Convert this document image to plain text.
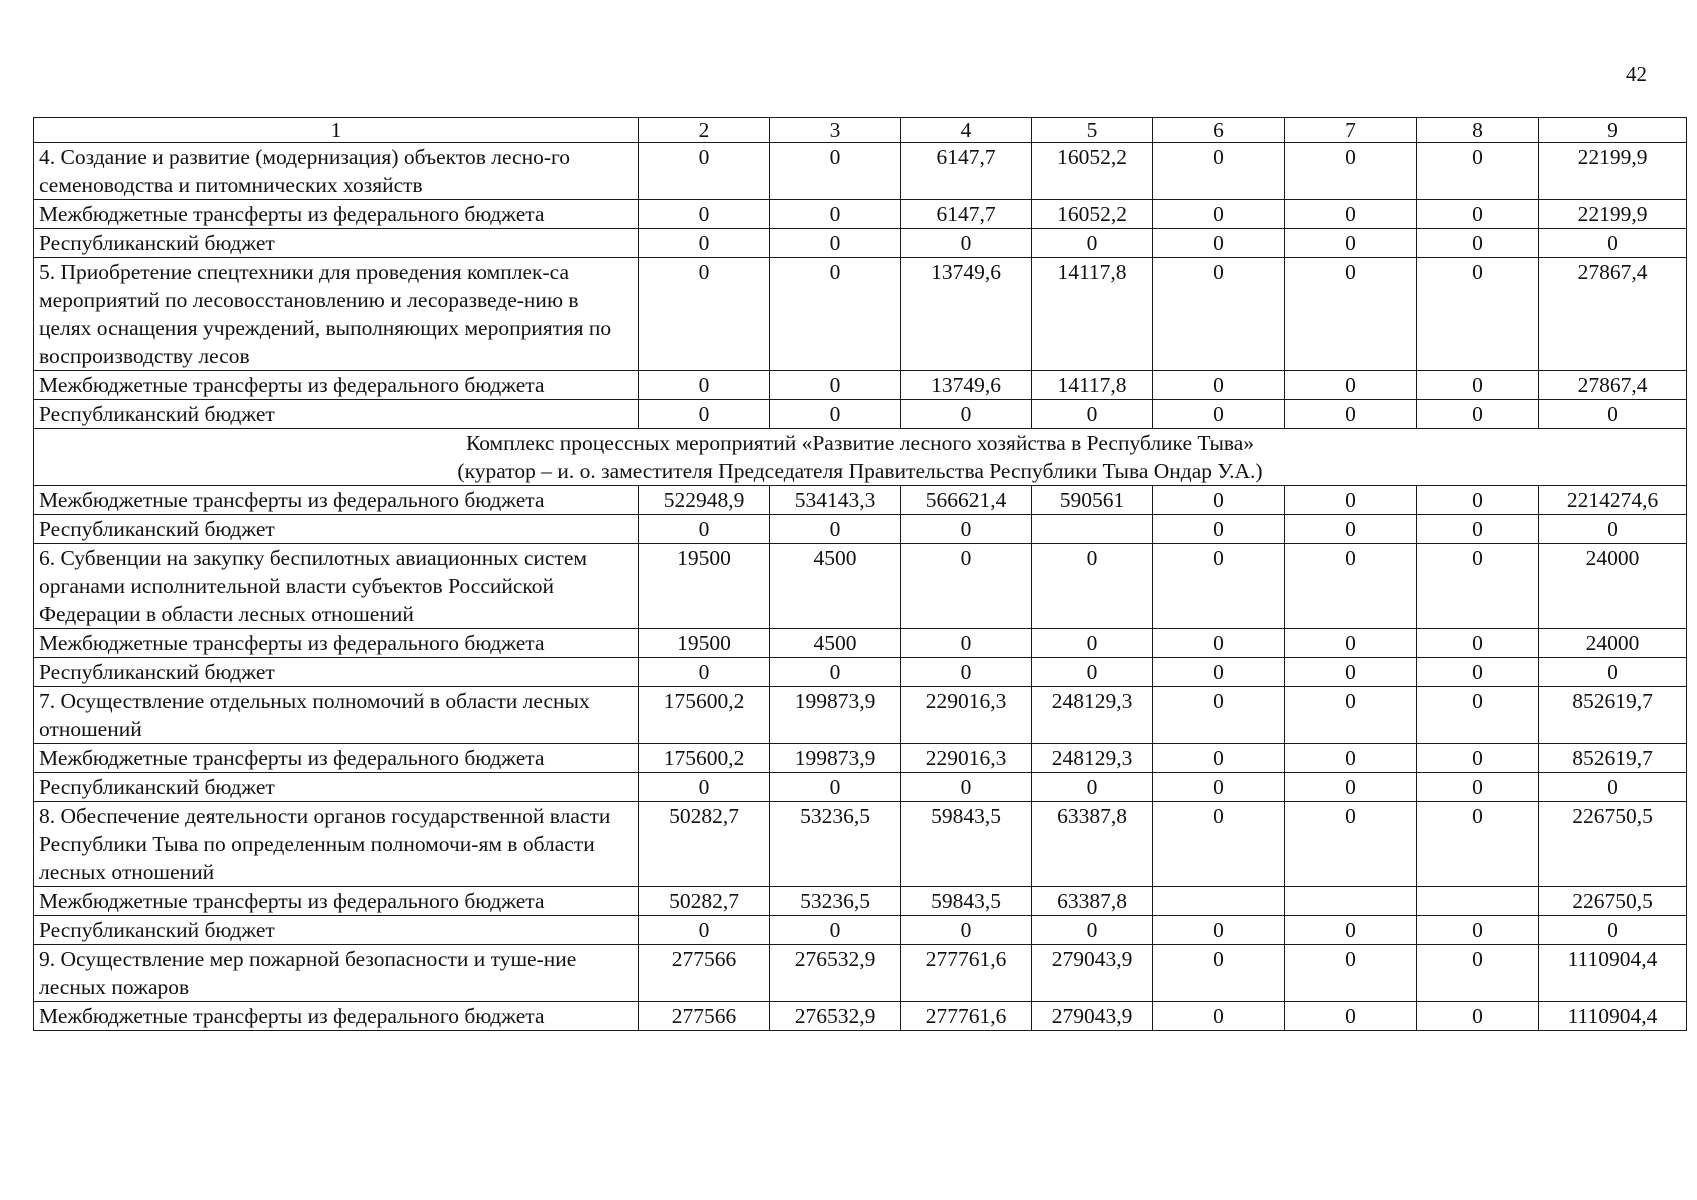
42
1	2	3	4	5	6	7	8	9
4. Создание и развитие (модернизация) объектов лесно-го семеноводства и питомнических хозяйств	0	0	6147,7	16052,2	0	0	0	22199,9
Межбюджетные трансферты из федерального бюджета	0	0	6147,7	16052,2	0	0	0	22199,9
Республиканский бюджет	0	0	0	0	0	0	0	0
5. Приобретение спецтехники для проведения комплек-са мероприятий по лесовосстановлению и лесоразведе-нию в целях оснащения учреждений, выполняющих мероприятия по воспроизводству лесов	0	0	13749,6	14117,8	0	0	0	27867,4
Межбюджетные трансферты из федерального бюджета	0	0	13749,6	14117,8	0	0	0	27867,4
Республиканский бюджет	0	0	0	0	0	0	0	0

Комплекс процессных мероприятий «Развитие лесного хозяйства в Республике Тыва»
(куратор – и. о. заместителя Председателя Правительства Республики Тыва Ондар У.А.)								

Межбюджетные трансферты из федерального бюджета	522948,9	534143,3	566621,4	590561	0	0	0	2214274,6
Республиканский бюджет	0	0	0		0	0	0	0
6. Субвенции на закупку беспилотных авиационных систем органами исполнительной власти субъектов Российской Федерации в области лесных отношений	19500	4500	0	0	0	0	0	24000
Межбюджетные трансферты из федерального бюджета	19500	4500	0	0	0	0	0	24000
Республиканский бюджет	0	0	0	0	0	0	0	0
7. Осуществление отдельных полномочий в области лесных отношений	175600,2	199873,9	229016,3	248129,3	0	0	0	852619,7
Межбюджетные трансферты из федерального бюджета	175600,2	199873,9	229016,3	248129,3	0	0	0	852619,7
Республиканский бюджет	0	0	0	0	0	0	0	0
8. Обеспечение деятельности органов государственной власти Республики Тыва по определенным полномочи-ям в области лесных отношений	50282,7	53236,5	59843,5	63387,8	0	0	0	226750,5
Межбюджетные трансферты из федерального бюджета	50282,7	53236,5	59843,5	63387,8				226750,5
Республиканский бюджет	0	0	0	0	0	0	0	0
9. Осуществление мер пожарной безопасности и туше-ние лесных пожаров	277566	276532,9	277761,6	279043,9	0	0	0	1110904,4
Межбюджетные трансферты из федерального бюджета	277566	276532,9	277761,6	279043,9	0	0	0	1110904,4
